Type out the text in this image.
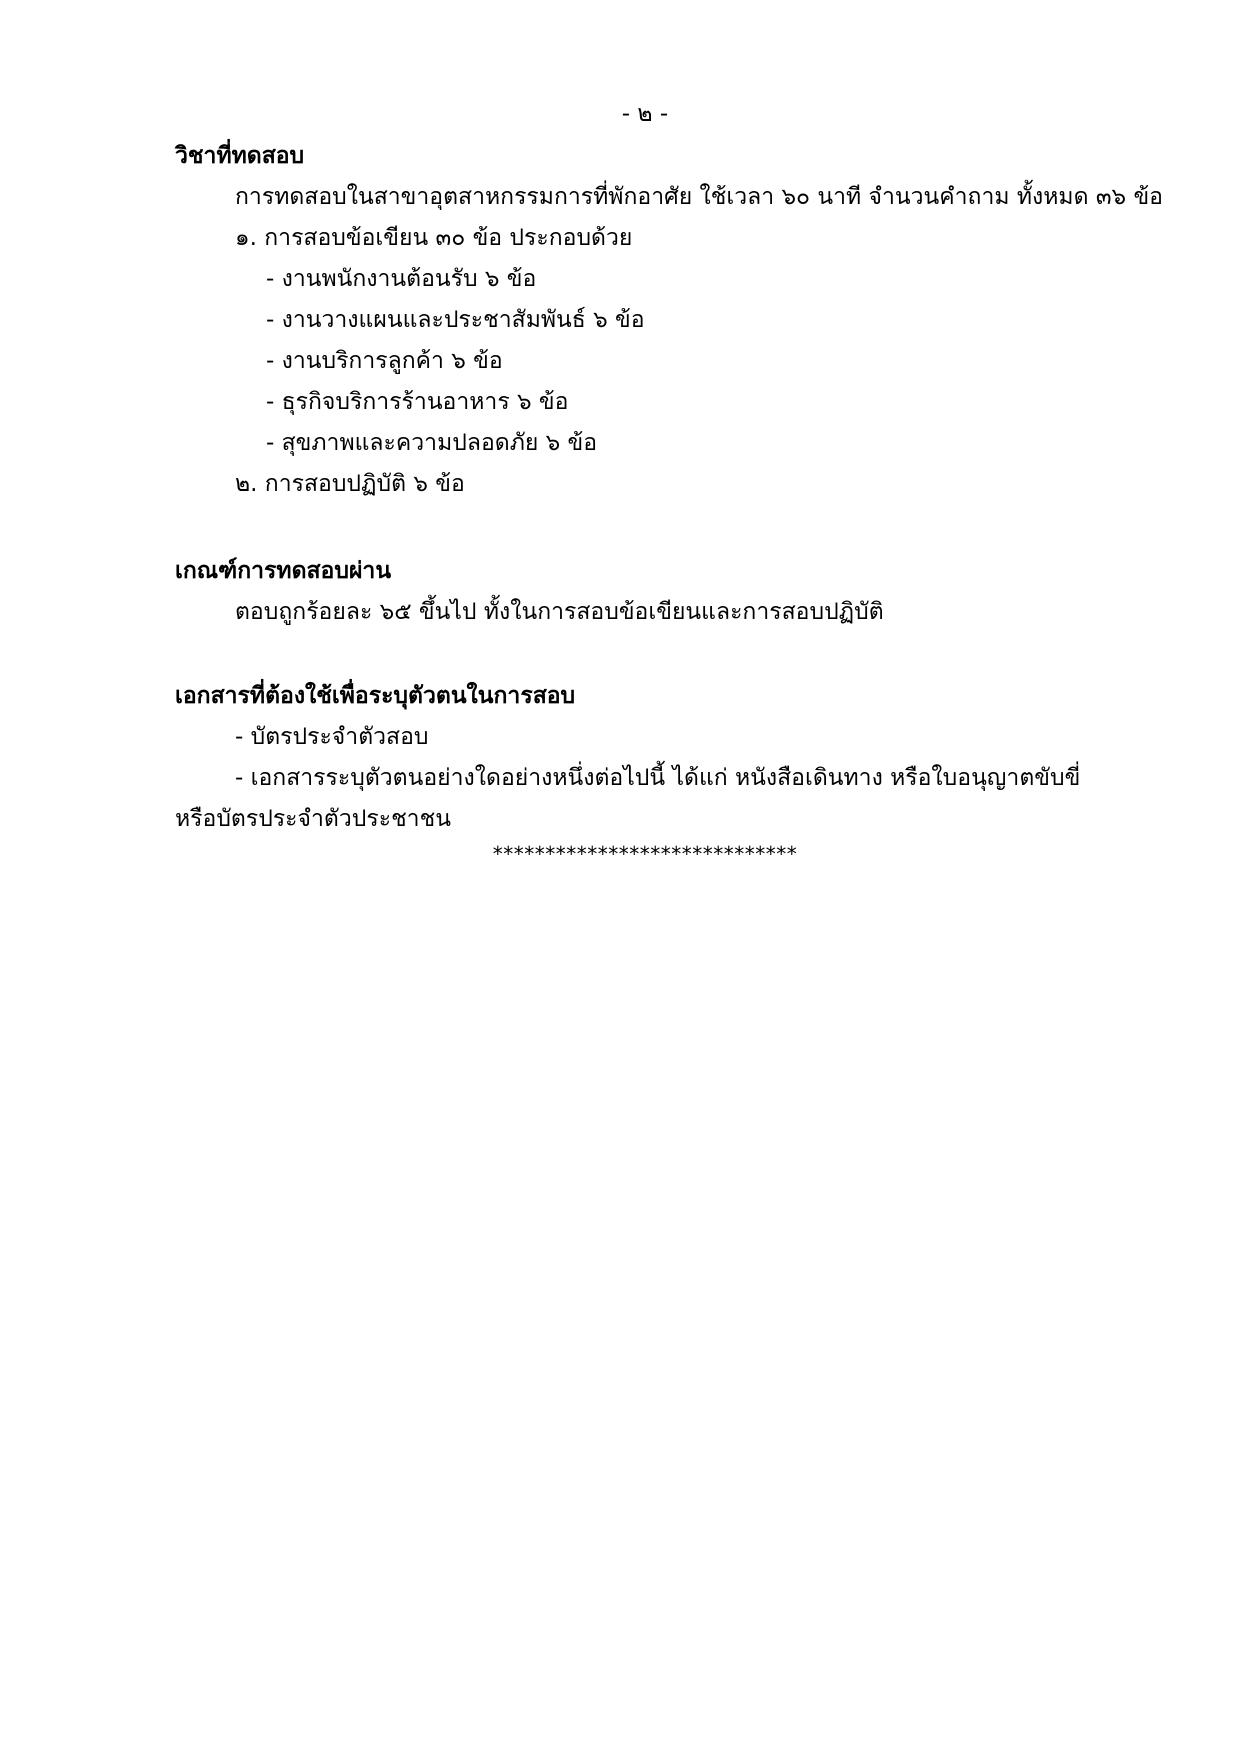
- ๒ -
วิชาที่ทดสอบ
การทดสอบในสาขาอุตสาหกรรมการที่พักอาศัย ใช้เวลา ๖๐ นาที จำนวนคำถาม ทั้งหมด ๓๖ ข้อ
๑. การสอบข้อเขียน ๓๐ ข้อ ประกอบด้วย
- งานพนักงานต้อนรับ ๖ ข้อ
- งานวางแผนและประชาสัมพันธ์ ๖ ข้อ
- งานบริการลูกค้า ๖ ข้อ
- ธุรกิจบริการร้านอาหาร ๖ ข้อ
- สุขภาพและความปลอดภัย ๖ ข้อ
๒. การสอบปฏิบัติ ๖ ข้อ
เกณฑ์การทดสอบผ่าน
ตอบถูกร้อยละ ๖๕ ขึ้นไป ทั้งในการสอบข้อเขียนและการสอบปฏิบัติ
เอกสารที่ต้องใช้เพื่อระบุตัวตนในการสอบ
- บัตรประจำตัวสอบ
- เอกสารระบุตัวตนอย่างใดอย่างหนึ่งต่อไปนี้ ได้แก่ หนังสือเดินทาง หรือใบอนุญาตขับขี่
หรือบัตรประจำตัวประชาชน
*****************************
